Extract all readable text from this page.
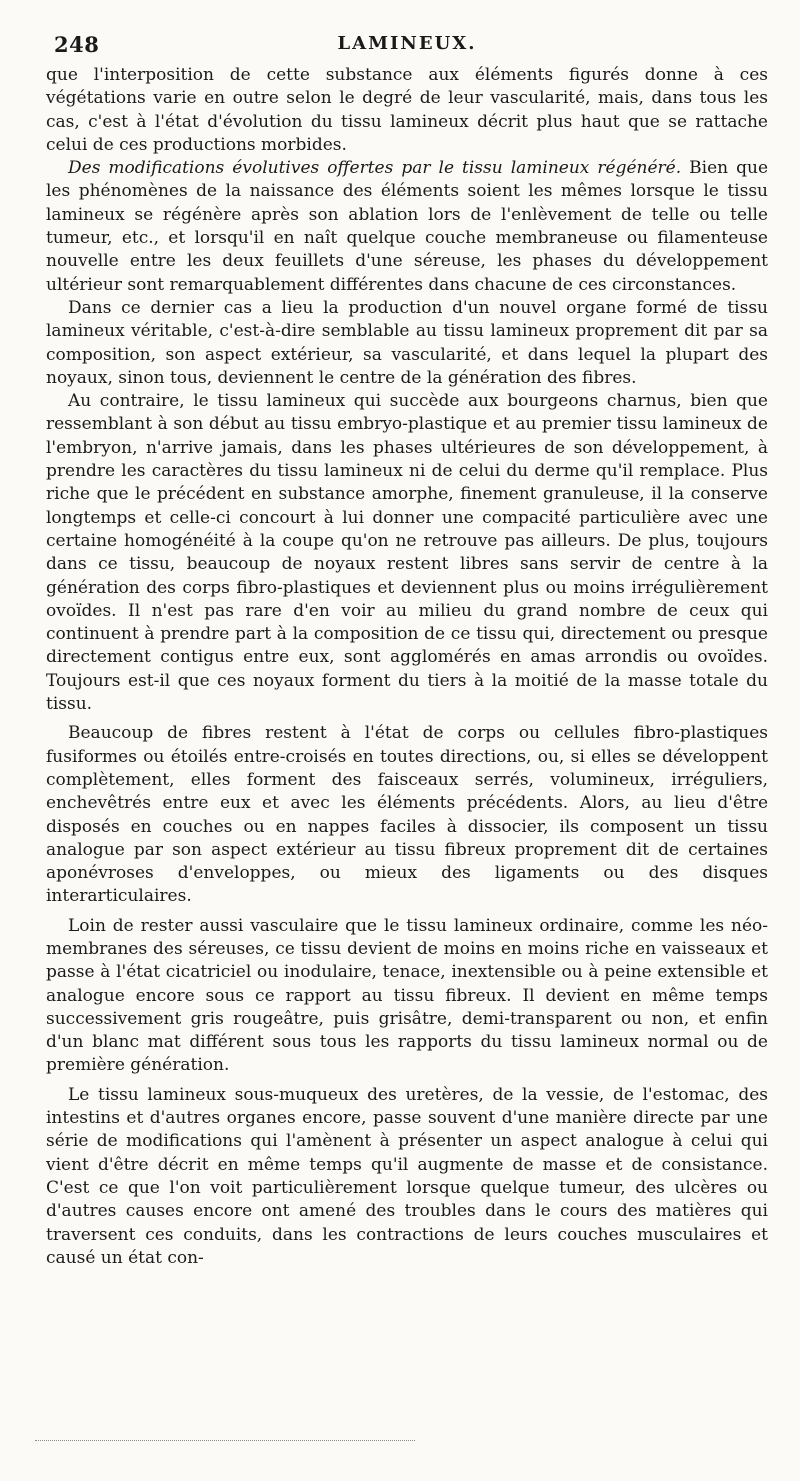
248	LAMINEUX.

que l'interposition de cette substance aux éléments figurés donne à ces végétations varie en outre selon le degré de leur vascularité, mais, dans tous les cas, c'est à l'état d'évolution du tissu lamineux décrit plus haut que se rattache celui de ces productions morbides.

Des modifications évolutives offertes par le tissu lamineux régénéré. Bien que les phénomènes de la naissance des éléments soient les mêmes lorsque le tissu lamineux se régénère après son ablation lors de l'enlèvement de telle ou telle tumeur, etc., et lorsqu'il en naît quelque couche membraneuse ou filamenteuse nouvelle entre les deux feuillets d'une séreuse, les phases du développement ultérieur sont remarquablement différentes dans chacune de ces circonstances.

Dans ce dernier cas a lieu la production d'un nouvel organe formé de tissu lamineux véritable, c'est-à-dire semblable au tissu lamineux proprement dit par sa composition, son aspect extérieur, sa vascularité, et dans lequel la plupart des noyaux, sinon tous, deviennent le centre de la génération des fibres.

Au contraire, le tissu lamineux qui succède aux bourgeons charnus, bien que ressemblant à son début au tissu embryo-plastique et au premier tissu lamineux de l'embryon, n'arrive jamais, dans les phases ultérieures de son développement, à prendre les caractères du tissu lamineux ni de celui du derme qu'il remplace. Plus riche que le précédent en substance amorphe, finement granuleuse, il la conserve longtemps et celle-ci concourt à lui donner une compacité particulière avec une certaine homogénéité à la coupe qu'on ne retrouve pas ailleurs. De plus, toujours dans ce tissu, beaucoup de noyaux restent libres sans servir de centre à la génération des corps fibro-plastiques et deviennent plus ou moins irrégulièrement ovoïdes. Il n'est pas rare d'en voir au milieu du grand nombre de ceux qui continuent à prendre part à la composition de ce tissu qui, directement ou presque directement contigus entre eux, sont agglomérés en amas arrondis ou ovoïdes. Toujours est-il que ces noyaux forment du tiers à la moitié de la masse totale du tissu.

Beaucoup de fibres restent à l'état de corps ou cellules fibro-plastiques fusiformes ou étoilés entre-croisés en toutes directions, ou, si elles se développent complètement, elles forment des faisceaux serrés, volumineux, irréguliers, enchevêtrés entre eux et avec les éléments précédents. Alors, au lieu d'être disposés en couches ou en nappes faciles à dissocier, ils composent un tissu analogue par son aspect extérieur au tissu fibreux proprement dit de certaines aponévroses d'enveloppes, ou mieux des ligaments ou des disques interarticulaires.

Loin de rester aussi vasculaire que le tissu lamineux ordinaire, comme les néo-membranes des séreuses, ce tissu devient de moins en moins riche en vaisseaux et passe à l'état cicatriciel ou inodulaire, tenace, inextensible ou à peine extensible et analogue encore sous ce rapport au tissu fibreux. Il devient en même temps successivement gris rougeâtre, puis grisâtre, demi-transparent ou non, et enfin d'un blanc mat différent sous tous les rapports du tissu lamineux normal ou de première génération.

Le tissu lamineux sous-muqueux des uretères, de la vessie, de l'estomac, des intestins et d'autres organes encore, passe souvent d'une manière directe par une série de modifications qui l'amènent à présenter un aspect analogue à celui qui vient d'être décrit en même temps qu'il augmente de masse et de consistance. C'est ce que l'on voit particulièrement lorsque quelque tumeur, des ulcères ou d'autres causes encore ont amené des troubles dans le cours des matières qui traversent ces conduits, dans les contractions de leurs couches musculaires et causé un état con-
